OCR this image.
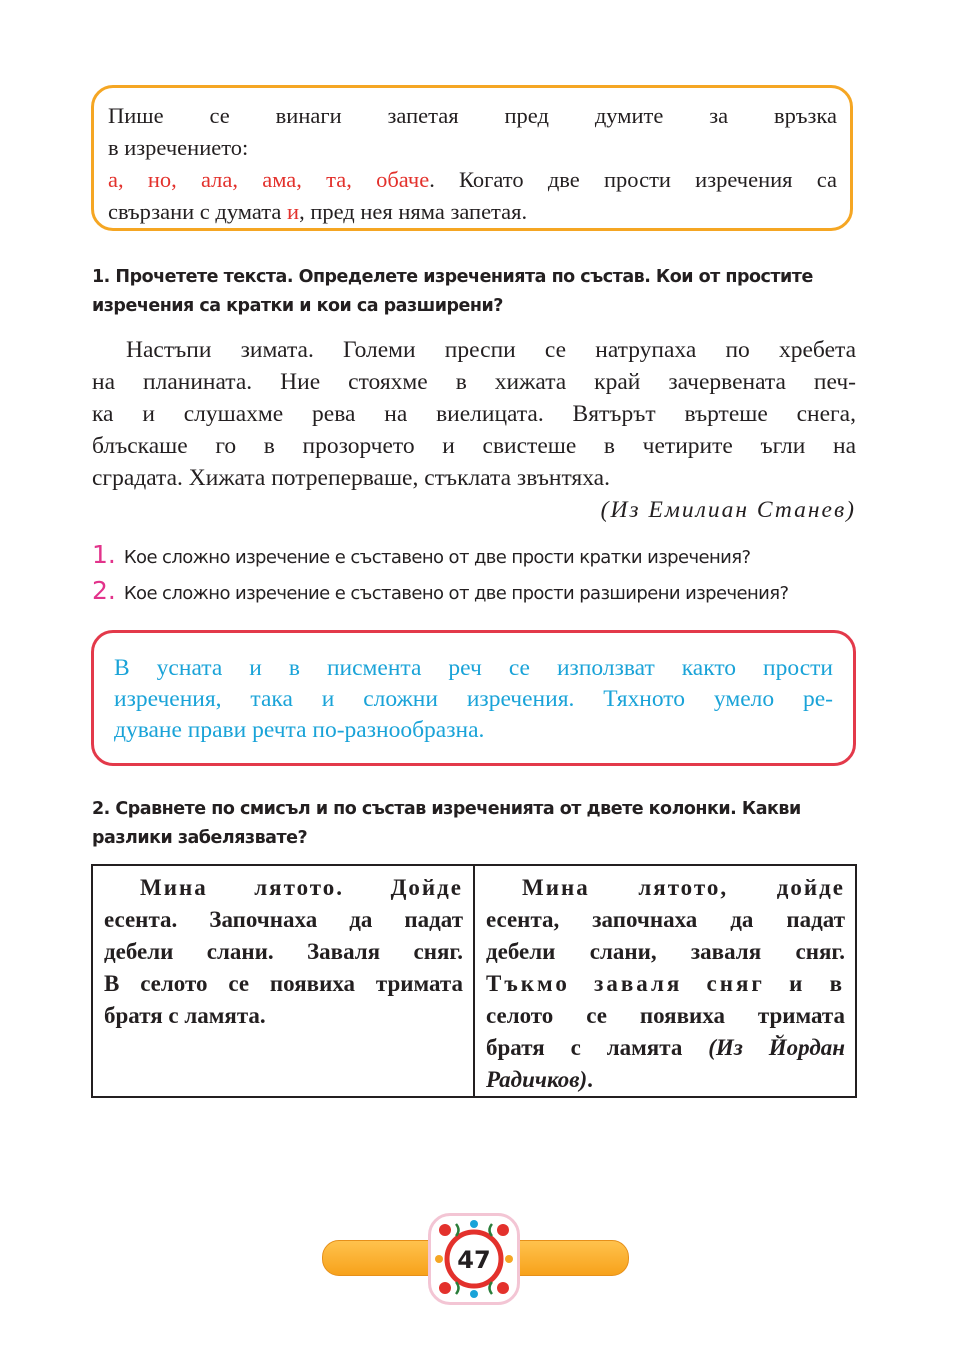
Пише се винаги запетая пред думите за връзка
в изречението:
а, но, ала, ама, та, обаче. Когато две прости изречения са
свързани с думата и, пред нея няма запетая.
1. Прочетете текста. Определете изреченията по състав. Кои от простите
изречения са кратки и кои са разширени?
Настъпи зимата. Големи преспи се натрупаха по хребета
на планината. Ние стояхме в хижата край зачервената печ-
ка и слушахме рева на виелицата. Вятърът въртеше снега,
блъскаше го в прозорчето и свистеше в четирите ъгли на
сградата. Хижата потреперваше, стъклата звънтяха.
(Из Емилиан Станев)
1. Кое сложно изречение е съставено от две прости кратки изречения?
2. Кое сложно изречение е съставено от две прости разширени изречения?
В усната и в писмента реч се използват както прости
изречения, така и сложни изречения. Тяхното умело ре-
дуване прави речта по-разнообразна.
2. Сравнете по смисъл и по състав изреченията от двете колонки. Какви
разлики забелязвате?
Мина лятото. Дойде
есента. Започнаха да падат
дебели слани. Заваля сняг.
В селото се появиха тримата
братя с ламята.

Мина лятото, дойде
есента, започнаха да падат
дебели слани, заваля сняг.
Тъкмо заваля сняг и в
селото се появиха тримата
братя с ламята (Из Йордан
Радичков).
47
